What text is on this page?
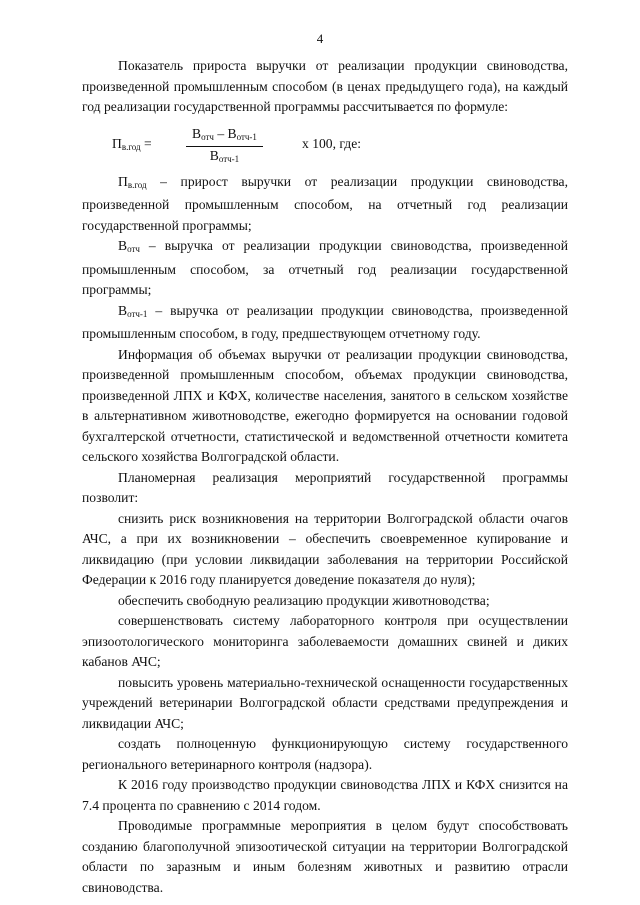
4

Показатель прироста выручки от реализации продукции свиноводства, произведенной промышленным способом (в ценах предыдущего года), на каждый год реализации государственной программы рассчитывается по формуле:

$П_{в.год}$ =
$В_{отч} - В_{отч-1}$
$В_{отч-1}$
x 100, где:

$П_{в.год}$ – прирост выручки от реализации продукции свиноводства, произведенной промышленным способом, на отчетный год реализации государственной программы;

$В_{отч}$ – выручка от реализации продукции свиноводства, произведенной промышленным способом, за отчетный год реализации государственной программы;

$В_{отч-1}$ – выручка от реализации продукции свиноводства, произведенной промышленным способом, в году, предшествующем отчетному году.

Информация об объемах выручки от реализации продукции свиноводства, произведенной промышленным способом, объемах продукции свиноводства, произведенной ЛПХ и КФХ, количестве населения, занятого в сельском хозяйстве в альтернативном животноводстве, ежегодно формируется на основании годовой бухгалтерской отчетности, статистической и ведомственной отчетности комитета сельского хозяйства Волгоградской области.

Планомерная реализация мероприятий государственной программы позволит:

снизить риск возникновения на территории Волгоградской области очагов АЧС, а при их возникновении – обеспечить своевременное купирование и ликвидацию (при условии ликвидации заболевания на территории Российской Федерации к 2016 году планируется доведение показателя до нуля);

обеспечить свободную реализацию продукции животноводства;

совершенствовать систему лабораторного контроля при осуществлении эпизоотологического мониторинга заболеваемости домашних свиней и диких кабанов АЧС;

повысить уровень материально-технической оснащенности государственных учреждений ветеринарии Волгоградской области средствами предупреждения и ликвидации АЧС;

создать полноценную функционирующую систему государственного регионального ветеринарного контроля (надзора).

К 2016 году производство продукции свиноводства ЛПХ и КФХ снизится на 7.4 процента по сравнению с 2014 годом.

Проводимые программные мероприятия в целом будут способствовать созданию благополучной эпизоотической ситуации на территории Волгоградской области по заразным и иным болезням животных и развитию отрасли свиноводства.
